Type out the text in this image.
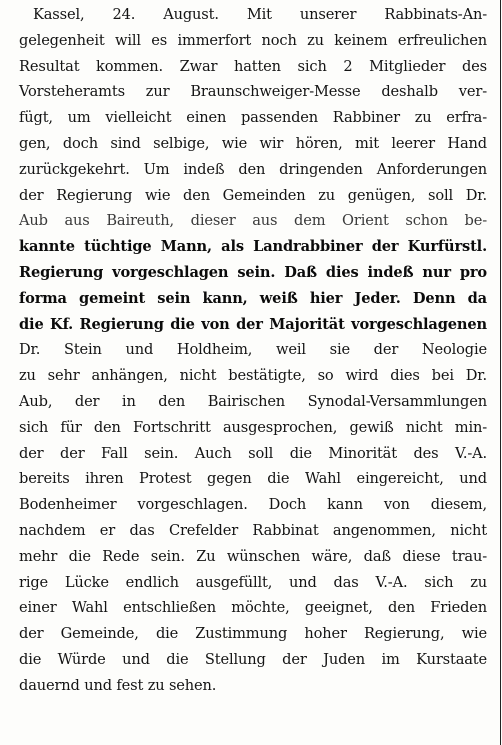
Kassel, 24. August. Mit unserer Rabbinats-An-
gelegenheit will es immerfort noch zu keinem erfreulichen
Resultat kommen. Zwar hatten sich 2 Mitglieder des
Vorsteheramts zur Braunschweiger-Messe deshalb ver-
fügt, um vielleicht einen passenden Rabbiner zu erfra-
gen, doch sind selbige, wie wir hören, mit leerer Hand
zurückgekehrt. Um indeß den dringenden Anforderungen
der Regierung wie den Gemeinden zu genügen, soll Dr.
Aub aus Baireuth, dieser aus dem Orient schon be-
kannte tüchtige Mann, als Landrabbiner der Kurfürstl.
Regierung vorgeschlagen sein. Daß dies indeß nur pro
forma gemeint sein kann, weiß hier Jeder. Denn da
die Kf. Regierung die von der Majorität vorgeschlagenen
Dr. Stein und Holdheim, weil sie der Neologie
zu sehr anhängen, nicht bestätigte, so wird dies bei Dr.
Aub, der in den Bairischen Synodal-Versammlungen
sich für den Fortschritt ausgesprochen, gewiß nicht min-
der der Fall sein. Auch soll die Minorität des V.-A.
bereits ihren Protest gegen die Wahl eingereicht, und
Bodenheimer vorgeschlagen. Doch kann von diesem,
nachdem er das Crefelder Rabbinat angenommen, nicht
mehr die Rede sein. Zu wünschen wäre, daß diese trau-
rige Lücke endlich ausgefüllt, und das V.-A. sich zu
einer Wahl entschließen möchte, geeignet, den Frieden
der Gemeinde, die Zustimmung hoher Regierung, wie
die Würde und die Stellung der Juden im Kurstaate
dauernd und fest zu sehen.
